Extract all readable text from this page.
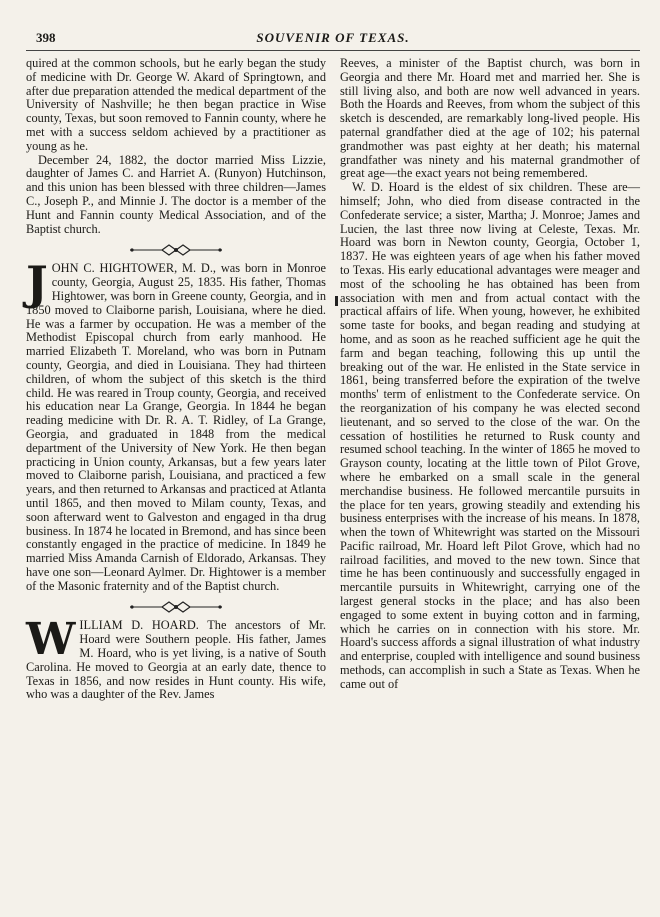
398	SOUVENIR OF TEXAS.

quired at the common schools, but he early began the study of medicine with Dr. George W. Akard of Springtown, and after due preparation attended the medical department of the University of Nashville; he then began practice in Wise county, Texas, but soon removed to Fannin county, where he met with a success seldom achieved by a practitioner as young as he.

December 24, 1882, the doctor married Miss Lizzie, daughter of James C. and Harriet A. (Runyon) Hutchinson, and this union has been blessed with three children—James C., Joseph P., and Minnie J. The doctor is a member of the Hunt and Fannin county Medical Association, and of the Baptist church.

J OHN C. HIGHTOWER, M. D., was born in Monroe county, Georgia, August 25, 1835. His father, Thomas Hightower, was born in Greene county, Georgia, and in 1850 moved to Claiborne parish, Louisiana, where he died. He was a farmer by occupation. He was a member of the Methodist Episcopal church from early manhood. He married Elizabeth T. Moreland, who was born in Putnam county, Georgia, and died in Louisiana. They had thirteen children, of whom the subject of this sketch is the third child. He was reared in Troup county, Georgia, and received his education near La Grange, Georgia. In 1844 he began reading medicine with Dr. R. A. T. Ridley, of La Grange, Georgia, and graduated in 1848 from the medical department of the University of New York. He then began practicing in Union county, Arkansas, but a few years later moved to Claiborne parish, Louisiana, and practiced a few years, and then returned to Arkansas and practiced at Atlanta until 1865, and then moved to Milam county, Texas, and soon afterward went to Galveston and engaged in tha drug business. In 1874 he located in Bremond, and has since been constantly engaged in the practice of medicine. In 1849 he married Miss Amanda Carnish of Eldorado, Arkansas. They have one son—Leonard Aylmer. Dr. Hightower is a member of the Masonic fraternity and of the Baptist church.

W ILLIAM D. HOARD. The ancestors of Mr. Hoard were Southern people. His father, James M. Hoard, who is yet living, is a native of South Carolina. He moved to Georgia at an early date, thence to Texas in 1856, and now resides in Hunt county. His wife, who was a daughter of the Rev. James

Reeves, a minister of the Baptist church, was born in Georgia and there Mr. Hoard met and married her. She is still living also, and both are now well advanced in years. Both the Hoards and Reeves, from whom the subject of this sketch is descended, are remarkably long-lived people. His paternal grandfather died at the age of 102; his paternal grandmother was past eighty at her death; his maternal grandfather was ninety and his maternal grandmother of great age—the exact years not being remembered.

W. D. Hoard is the eldest of six children. These are—himself; John, who died from disease contracted in the Confederate service; a sister, Martha; J. Monroe; James and Lucien, the last three now living at Celeste, Texas. Mr. Hoard was born in Newton county, Georgia, October 1, 1837. He was eighteen years of age when his father moved to Texas. His early educational advantages were meager and most of the schooling he has obtained has been from association with men and from actual contact with the practical affairs of life. When young, however, he exhibited some taste for books, and began reading and studying at home, and as soon as he reached sufficient age he quit the farm and began teaching, following this up until the breaking out of the war. He enlisted in the State service in 1861, being transferred before the expiration of the twelve months' term of enlistment to the Confederate service. On the reorganization of his company he was elected second lieutenant, and so served to the close of the war. On the cessation of hostilities he returned to Rusk county and resumed school teaching. In the winter of 1865 he moved to Grayson county, locating at the little town of Pilot Grove, where he embarked on a small scale in the general merchandise business. He followed mercantile pursuits in the place for ten years, growing steadily and extending his business enterprises with the increase of his means. In 1878, when the town of Whitewright was started on the Missouri Pacific railroad, Mr. Hoard left Pilot Grove, which had no railroad facilities, and moved to the new town. Since that time he has been continuously and successfully engaged in mercantile pursuits in Whitewright, carrying one of the largest general stocks in the place; and has also been engaged to some extent in buying cotton and in farming, which he carries on in connection with his store. Mr. Hoard's success affords a signal illustration of what industry and enterprise, coupled with intelligence and sound business methods, can accomplish in such a State as Texas. When he came out of
